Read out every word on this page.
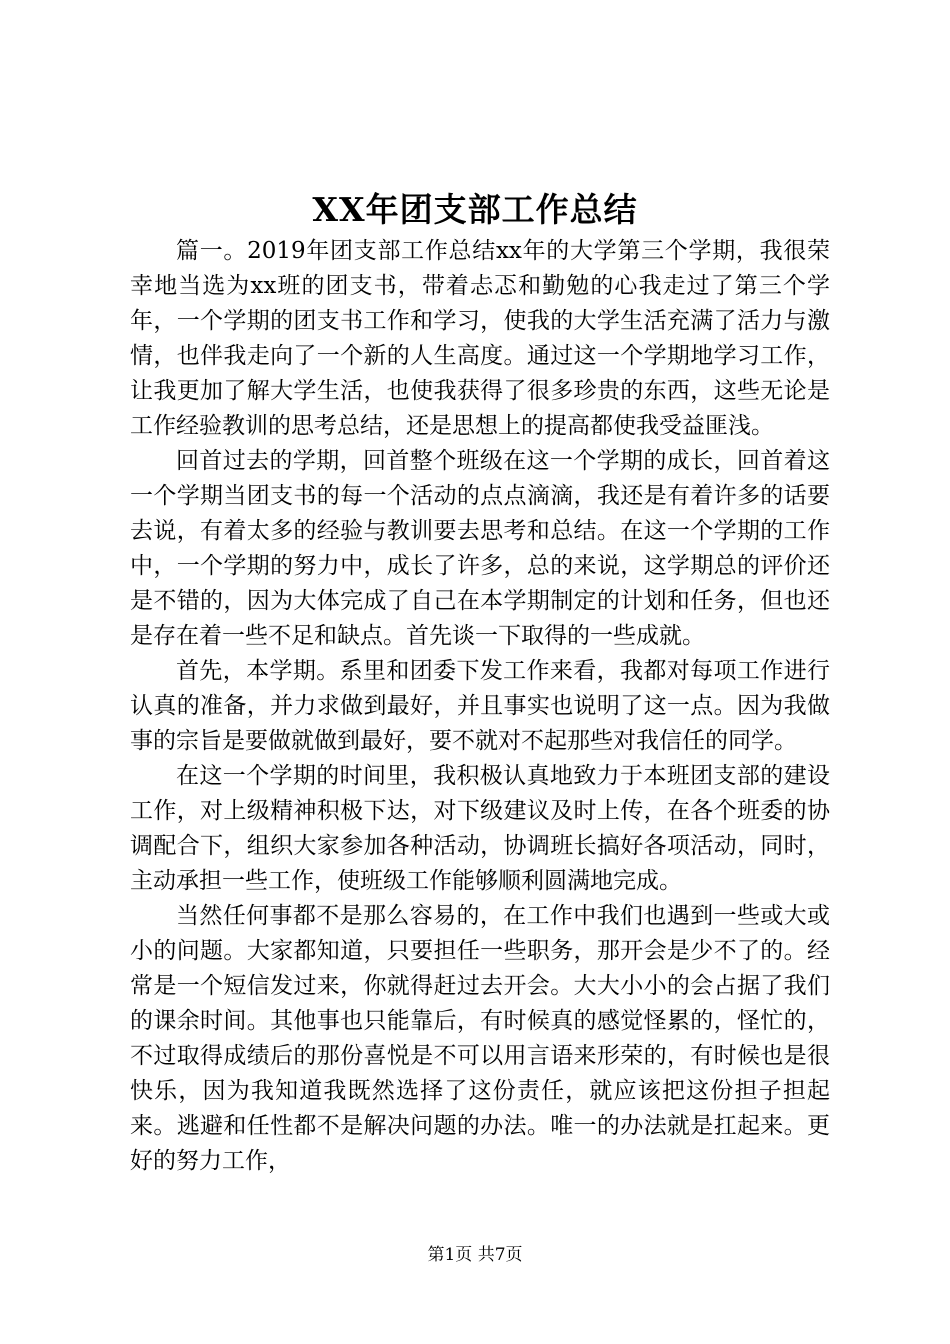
XX年团支部工作总结

篇一。2019年团支部工作总结xx年的大学第三个学期，我很荣幸地当选为xx班的团支书，带着忐忑和勤勉的心我走过了第三个学年，一个学期的团支书工作和学习，使我的大学生活充满了活力与激情，也伴我走向了一个新的人生高度。通过这一个学期地学习工作，让我更加了解大学生活，也使我获得了很多珍贵的东西，这些无论是工作经验教训的思考总结，还是思想上的提高都使我受益匪浅。

回首过去的学期，回首整个班级在这一个学期的成长，回首着这一个学期当团支书的每一个活动的点点滴滴，我还是有着许多的话要去说，有着太多的经验与教训要去思考和总结。在这一个学期的工作中，一个学期的努力中，成长了许多，总的来说，这学期总的评价还是不错的，因为大体完成了自己在本学期制定的计划和任务，但也还是存在着一些不足和缺点。首先谈一下取得的一些成就。

首先，本学期。系里和团委下发工作来看，我都对每项工作进行认真的准备，并力求做到最好，并且事实也说明了这一点。因为我做事的宗旨是要做就做到最好，要不就对不起那些对我信任的同学。

在这一个学期的时间里，我积极认真地致力于本班团支部的建设工作，对上级精神积极下达，对下级建议及时上传，在各个班委的协调配合下，组织大家参加各种活动，协调班长搞好各项活动，同时，主动承担一些工作，使班级工作能够顺利圆满地完成。

当然任何事都不是那么容易的，在工作中我们也遇到一些或大或小的问题。大家都知道，只要担任一些职务，那开会是少不了的。经常是一个短信发过来，你就得赶过去开会。大大小小的会占据了我们的课余时间。其他事也只能靠后，有时候真的感觉怪累的，怪忙的，不过取得成绩后的那份喜悦是不可以用言语来形荣的，有时候也是很快乐，因为我知道我既然选择了这份责任，就应该把这份担子担起来。逃避和任性都不是解决问题的办法。唯一的办法就是扛起来。更好的努力工作，

第1页 共7页
